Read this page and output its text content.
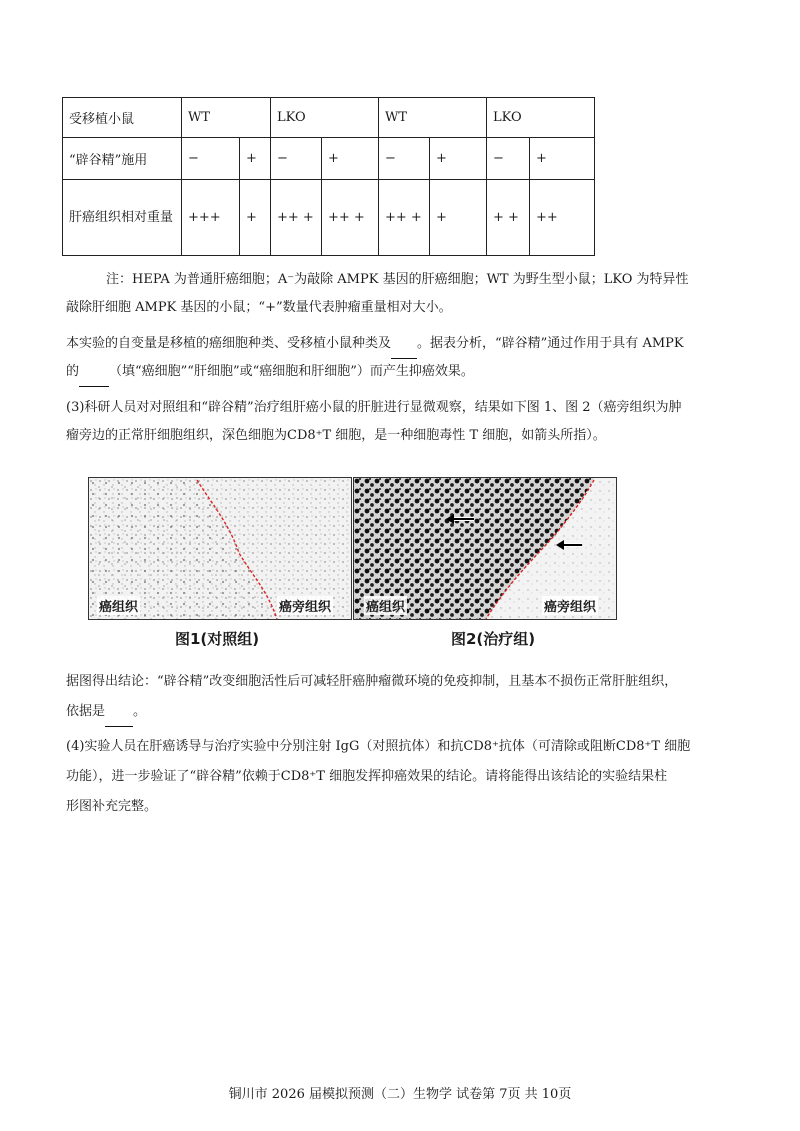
受移植小鼠	WT		LKO		WT		LKO	
“辟谷精”施用	−	+	−	+	−	+	−	+
肝癌组织相对重量	+++	+	++ +	++ +	++ +	+	+ +	++
注：HEPA 为普通肝癌细胞；A⁻为敲除 AMPK 基因的肝癌细胞；WT 为野生型小鼠；LKO 为特异性
敲除肝细胞 AMPK 基因的小鼠；“+”数量代表肿瘤重量相对大小。
本实验的自变量是移植的癌细胞种类、受移植小鼠种类及 。据表分析，“辟谷精”通过作用于具有 AMPK
的 （填“癌细胞”“肝细胞”或“癌细胞和肝细胞”）而产生抑癌效果。
(3)科研人员对对照组和“辟谷精”治疗组肝癌小鼠的肝脏进行显微观察，结果如下图 1、图 2（癌旁组织为肿
瘤旁边的正常肝细胞组织，深色细胞为CD8⁺T 细胞，是一种细胞毒性 T 细胞，如箭头所指）。
癌组织	癌旁组织
图1(对照组)
癌组织	癌旁组织
图2(治疗组)
据图得出结论：“辟谷精”改变细胞活性后可减轻肝癌肿瘤微环境的免疫抑制，且基本不损伤正常肝脏组织，
依据是 。
(4)实验人员在肝癌诱导与治疗实验中分别注射 IgG（对照抗体）和抗CD8⁺抗体（可清除或阻断CD8⁺T 细胞
功能），进一步验证了“辟谷精”依赖于CD8⁺T 细胞发挥抑癌效果的结论。请将能得出该结论的实验结果柱
形图补充完整。
铜川市 2026 届模拟预测（二）生物学 试卷第 7页 共 10页
